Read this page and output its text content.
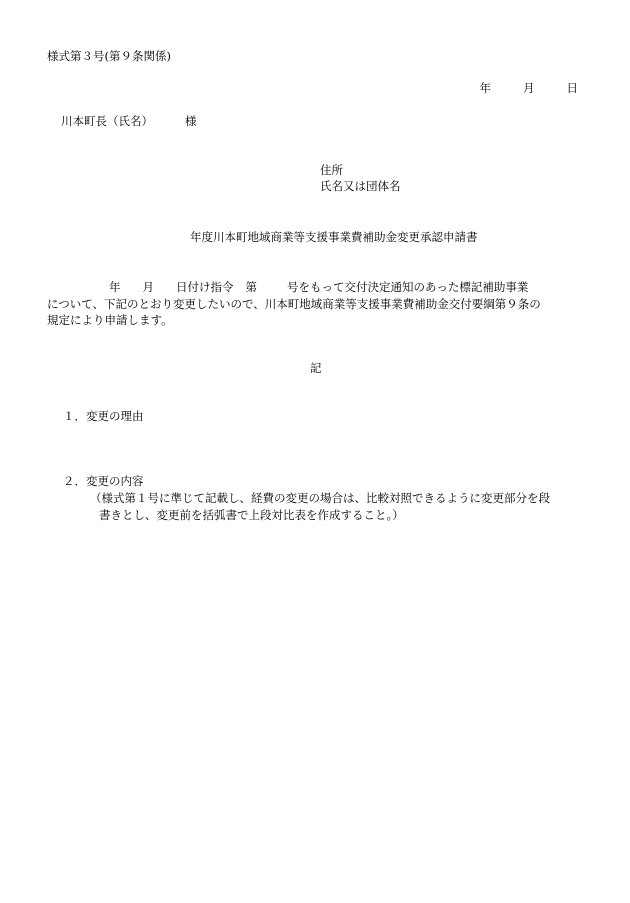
様式第３号(第９条関係)
年	月	日
川本町長（氏名）	様
住所
氏名又は団体名
年度川本町地域商業等支援事業費補助金変更承認申請書
年 月 日付け指令 第	号をもって交付決定通知のあった標記補助事業
について、下記のとおり変更したいので、川本町地域商業等支援事業費補助金交付要綱第９条の
規定により申請します。
記
１．変更の理由
２．変更の内容
（様式第１号に準じて記載し、経費の変更の場合は、比較対照できるように変更部分を段
書きとし、変更前を括弧書で上段対比表を作成すること。）
